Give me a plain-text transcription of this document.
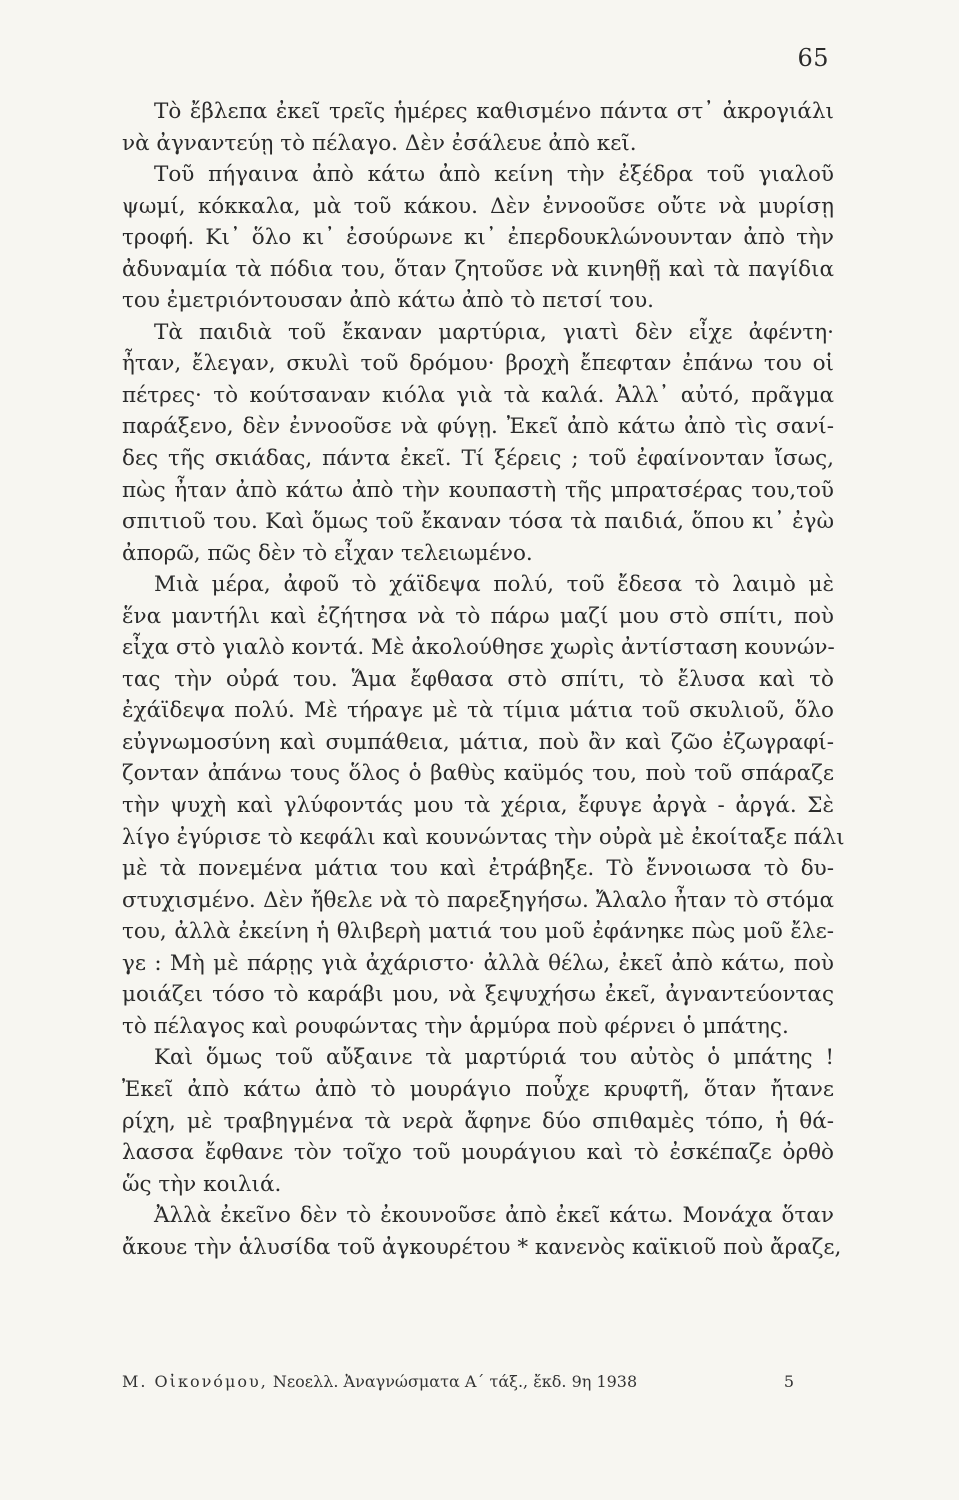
65
Τὸ ἔβλεπα ἐκεῖ τρεῖς ἡμέρες καθισμένο πάντα στ᾿ ἀκρογιάλι
νὰ ἀγναντεύῃ τὸ πέλαγο. Δὲν ἐσάλευε ἀπὸ κεῖ.
Τοῦ πήγαινα ἀπὸ κάτω ἀπὸ κείνη τὴν ἐξέδρα τοῦ γιαλοῦ
ψωμί, κόκκαλα, μὰ τοῦ κάκου. Δὲν ἐννοοῦσε οὔτε νὰ μυρίσῃ
τροφή. Κι᾿ ὅλο κι᾿ ἐσούρωνε κι᾿ ἐπερδουκλώνουνταν ἀπὸ τὴν
ἀδυναμία τὰ πόδια του, ὅταν ζητοῦσε νὰ κινηθῇ καὶ τὰ παγίδια
του ἐμετριόντουσαν ἀπὸ κάτω ἀπὸ τὸ πετσί του.
Τὰ παιδιὰ τοῦ ἔκαναν μαρτύρια, γιατὶ δὲν εἶχε ἀφέντη·
ἦταν, ἔλεγαν, σκυλὶ τοῦ δρόμου· βροχὴ ἔπεφταν ἐπάνω του οἱ
πέτρες· τὸ κούτσαναν κιόλα γιὰ τὰ καλά. Ἀλλ᾿ αὐτό, πρᾶγμα
παράξενο, δὲν ἐννοοῦσε νὰ φύγῃ. Ἐκεῖ ἀπὸ κάτω ἀπὸ τὶς σανί-
δες τῆς σκιάδας, πάντα ἐκεῖ. Τί ξέρεις ; τοῦ ἐφαίνονταν ἴσως,
πὼς ἦταν ἀπὸ κάτω ἀπὸ τὴν κουπαστὴ τῆς μπρατσέρας του,τοῦ
σπιτιοῦ του. Καὶ ὅμως τοῦ ἔκαναν τόσα τὰ παιδιά, ὅπου κι᾿ ἐγὼ
ἀπορῶ, πῶς δὲν τὸ εἶχαν τελειωμένο.
Μιὰ μέρα, ἀφοῦ τὸ χάϊδεψα πολύ, τοῦ ἔδεσα τὸ λαιμὸ μὲ
ἕνα μαντήλι καὶ ἐζήτησα νὰ τὸ πάρω μαζί μου στὸ σπίτι, ποὺ
εἶχα στὸ γιαλὸ κοντά. Μὲ ἀκολούθησε χωρὶς ἀντίσταση κουνών-
τας τὴν οὐρά του. Ἅμα ἔφθασα στὸ σπίτι, τὸ ἔλυσα καὶ τὸ
ἐχάϊδεψα πολύ. Μὲ τήραγε μὲ τὰ τίμια μάτια τοῦ σκυλιοῦ, ὅλο
εὐγνωμοσύνη καὶ συμπάθεια, μάτια, ποὺ ἂν καὶ ζῶο ἐζωγραφί-
ζονταν ἀπάνω τους ὅλος ὁ βαθὺς καϋμός του, ποὺ τοῦ σπάραζε
τὴν ψυχὴ καὶ γλύφοντάς μου τὰ χέρια, ἔφυγε ἀργὰ - ἀργά. Σὲ
λίγο ἐγύρισε τὸ κεφάλι καὶ κουνώντας τὴν οὐρὰ μὲ ἐκοίταξε πάλι
μὲ τὰ πονεμένα μάτια του καὶ ἐτράβηξε. Τὸ ἔννοιωσα τὸ δυ-
στυχισμένο. Δὲν ἤθελε νὰ τὸ παρεξηγήσω. Ἄλαλο ἦταν τὸ στόμα
του, ἀλλὰ ἐκείνη ἡ θλιβερὴ ματιά του μοῦ ἐφάνηκε πὼς μοῦ ἔλε-
γε : Μὴ μὲ πάρῃς γιὰ ἀχάριστο· ἀλλὰ θέλω, ἐκεῖ ἀπὸ κάτω, ποὺ
μοιάζει τόσο τὸ καράβι μου, νὰ ξεψυχήσω ἐκεῖ, ἀγναντεύοντας
τὸ πέλαγος καὶ ρουφώντας τὴν ἁρμύρα ποὺ φέρνει ὁ μπάτης.
Καὶ ὅμως τοῦ αὔξαινε τὰ μαρτύριά του αὐτὸς ὁ μπάτης !
Ἐκεῖ ἀπὸ κάτω ἀπὸ τὸ μουράγιο ποὖχε κρυφτῆ, ὅταν ἤτανε
ρίχη, μὲ τραβηγμένα τὰ νερὰ ἄφηνε δύο σπιθαμὲς τόπο, ἡ θά-
λασσα ἔφθανε τὸν τοῖχο τοῦ μουράγιου καὶ τὸ ἐσκέπαζε ὀρθὸ
ὥς τὴν κοιλιά.
Ἀλλὰ ἐκεῖνο δὲν τὸ ἐκουνοῦσε ἀπὸ ἐκεῖ κάτω. Μονάχα ὅταν
ἄκουε τὴν ἁλυσίδα τοῦ ἀγκουρέτου * κανενὸς καϊκιοῦ ποὺ ἄραζε,
Μ. Οἰκονόμου, Νεοελλ. Ἀναγνώσματα Α΄ τάξ., ἔκδ. 9η 1938	5
